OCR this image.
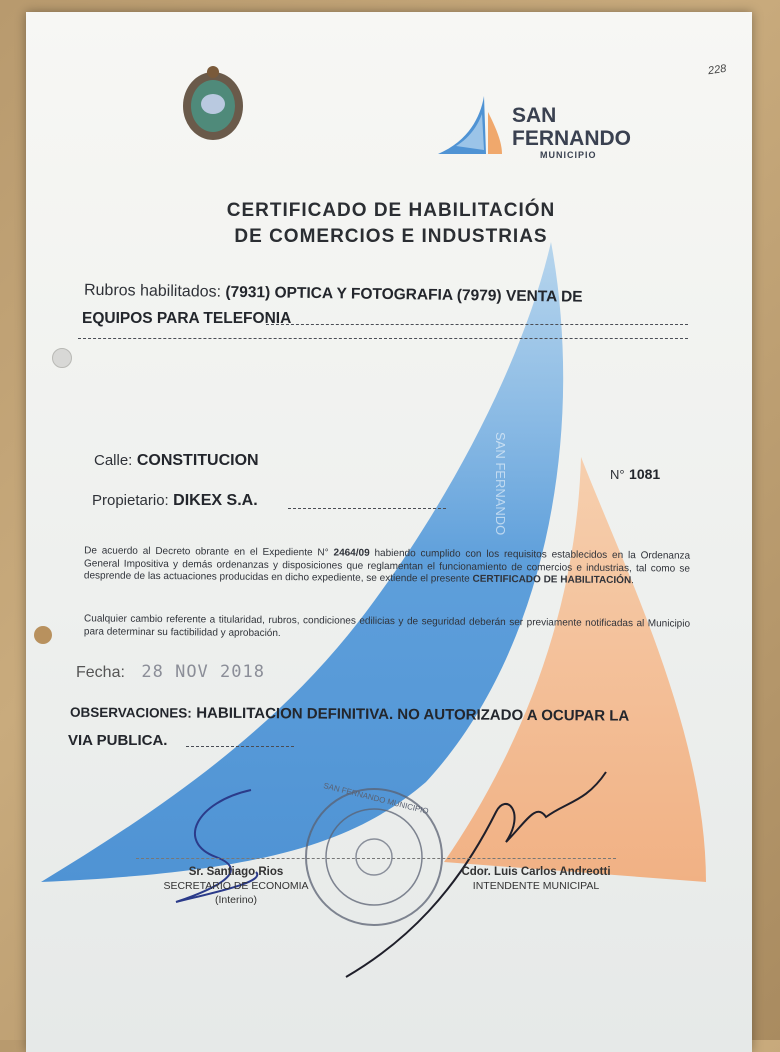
SAN FERNANDO
228
SAN
FERNANDO
MUNICIPIO
CERTIFICADO DE HABILITACIÓN
DE COMERCIOS E INDUSTRIAS
Rubros habilitados: (7931) OPTICA Y FOTOGRAFIA (7979) VENTA DE
EQUIPOS PARA TELEFONIA
Calle: CONSTITUCION
N° 1081
Propietario: DIKEX S.A.
De acuerdo al Decreto obrante en el Expediente N° 2464/09 habiendo cumplido con los requisitos establecidos en la Ordenanza General Impositiva y demás ordenanzas y disposiciones que reglamentan el funcionamiento de comercios e industrias, tal como se desprende de las actuaciones producidas en dicho expediente, se extiende el presente CERTIFICADO DE HABILITACIÓN.
Cualquier cambio referente a titularidad, rubros, condiciones edilicias y de seguridad deberán ser previamente notificadas al Municipio para determinar su factibilidad y aprobación.
Fecha: 28 NOV 2018
OBSERVACIONES: HABILITACION DEFINITIVA. NO AUTORIZADO A OCUPAR LA
VIA PUBLICA.
Sr. Santiago Rios
SECRETARIO DE ECONOMIA
(Interino)
Cdor. Luis Carlos Andreotti
INTENDENTE MUNICIPAL
SAN FERNANDO MUNICIPIO
